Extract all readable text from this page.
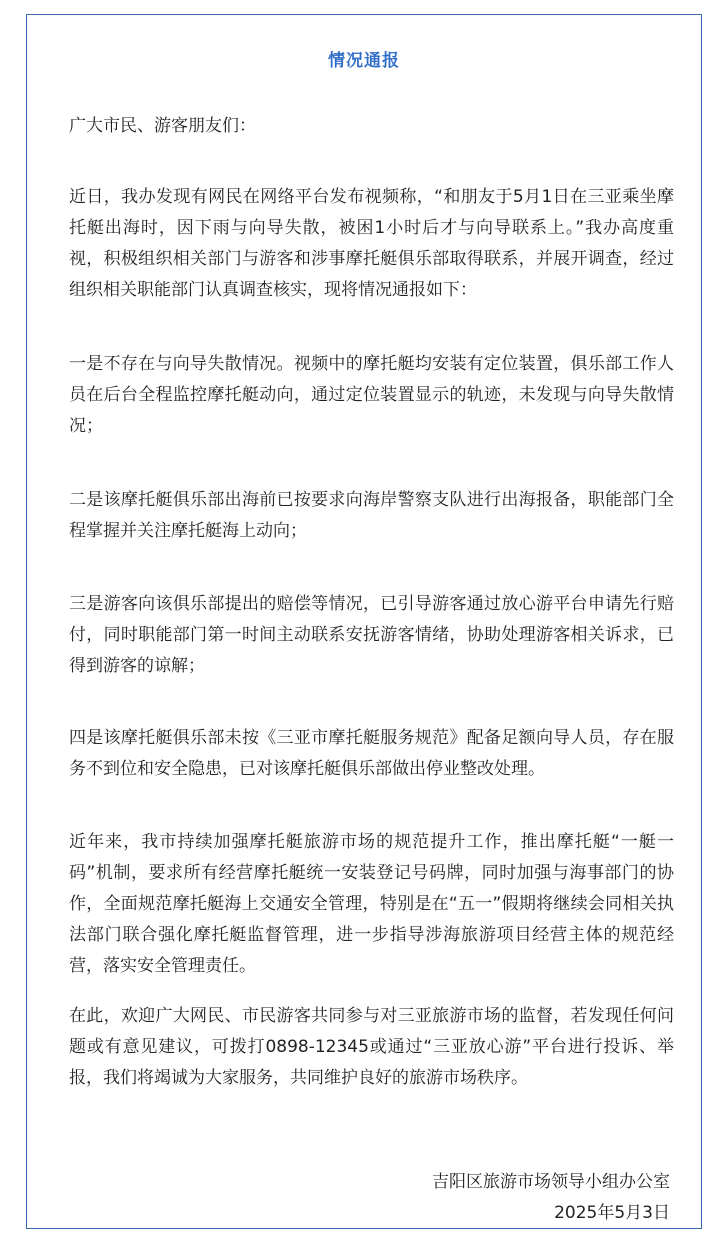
情况通报
广大市民、游客朋友们：
近日，我办发现有网民在网络平台发布视频称，“和朋友于5月1日在三亚乘坐摩托艇出海时，因下雨与向导失散，被困1小时后才与向导联系上。”我办高度重视，积极组织相关部门与游客和涉事摩托艇俱乐部取得联系，并展开调查，经过组织相关职能部门认真调查核实，现将情况通报如下：
一是不存在与向导失散情况。视频中的摩托艇均安装有定位装置，俱乐部工作人员在后台全程监控摩托艇动向，通过定位装置显示的轨迹，未发现与向导失散情况；
二是该摩托艇俱乐部出海前已按要求向海岸警察支队进行出海报备，职能部门全程掌握并关注摩托艇海上动向；
三是游客向该俱乐部提出的赔偿等情况，已引导游客通过放心游平台申请先行赔付，同时职能部门第一时间主动联系安抚游客情绪，协助处理游客相关诉求，已得到游客的谅解；
四是该摩托艇俱乐部未按《三亚市摩托艇服务规范》配备足额向导人员，存在服务不到位和安全隐患，已对该摩托艇俱乐部做出停业整改处理。
近年来，我市持续加强摩托艇旅游市场的规范提升工作，推出摩托艇“一艇一码”机制，要求所有经营摩托艇统一安装登记号码牌，同时加强与海事部门的协作，全面规范摩托艇海上交通安全管理，特别是在“五一”假期将继续会同相关执法部门联合强化摩托艇监督管理，进一步指导涉海旅游项目经营主体的规范经营，落实安全管理责任。
在此，欢迎广大网民、市民游客共同参与对三亚旅游市场的监督，若发现任何问题或有意见建议，可拨打0898-12345或通过“三亚放心游”平台进行投诉、举报，我们将竭诚为大家服务，共同维护良好的旅游市场秩序。
吉阳区旅游市场领导小组办公室
2025年5月3日
